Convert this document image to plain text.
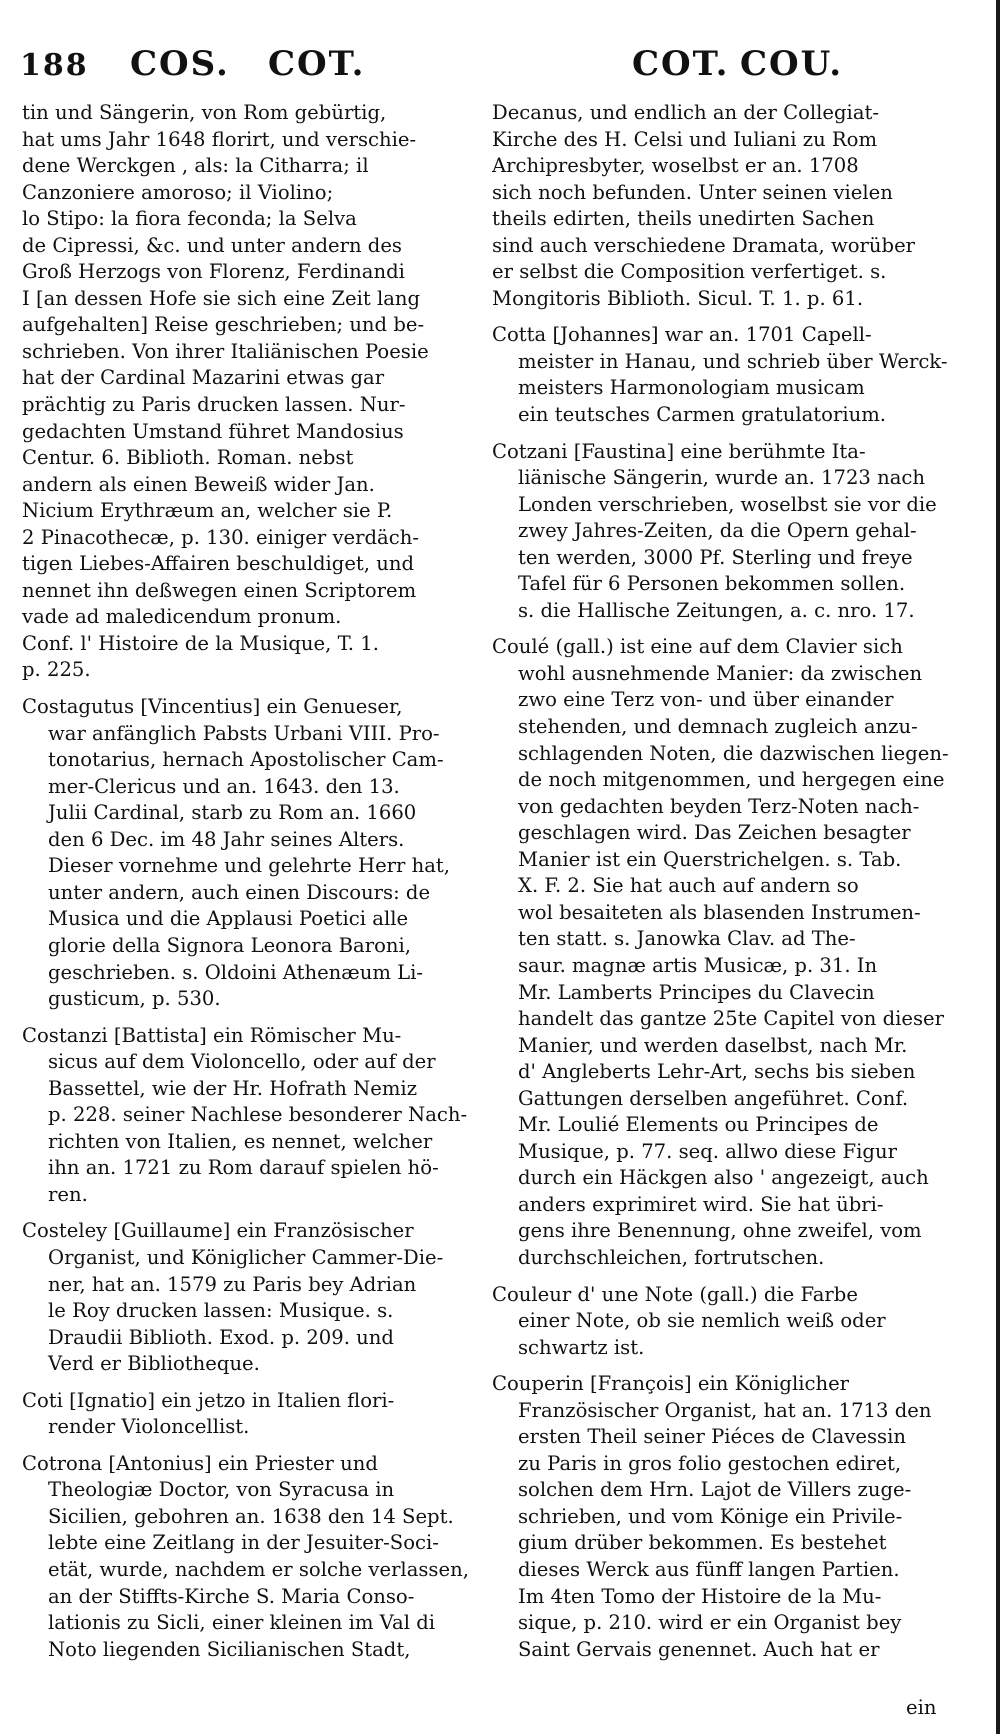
188 COS. COT.	COT. COU.
tin und Sängerin, von Rom gebürtig,
hat ums Jahr 1648 florirt, und verschie-
dene Werckgen , als: la Citharra; il
Canzoniere amoroso; il Violino;
lo Stipo: la fiora feconda; la Selva
de Cipressi, &c. und unter andern des
Groß Herzogs von Florenz, Ferdinandi
I [an dessen Hofe sie sich eine Zeit lang
aufgehalten] Reise geschrieben; und be-
schrieben. Von ihrer Italiänischen Poesie
hat der Cardinal Mazarini etwas gar
prächtig zu Paris drucken lassen. Nur-
gedachten Umstand führet Mandosius
Centur. 6. Biblioth. Roman. nebst
andern als einen Beweiß wider Jan.
Nicium Erythræum an, welcher sie P.
2 Pinacothecæ, p. 130. einiger verdäch-
tigen Liebes-Affairen beschuldiget, und
nennet ihn deßwegen einen Scriptorem
vade ad maledicendum pronum.
Conf. l' Histoire de la Musique, T. 1.
p. 225.
Costagutus [Vincentius] ein Genueser,
war anfänglich Pabsts Urbani VIII. Pro-
tonotarius, hernach Apostolischer Cam-
mer-Clericus und an. 1643. den 13.
Julii Cardinal, starb zu Rom an. 1660
den 6 Dec. im 48 Jahr seines Alters.
Dieser vornehme und gelehrte Herr hat,
unter andern, auch einen Discours: de
Musica und die Applausi Poetici alle
glorie della Signora Leonora Baroni,
geschrieben. s. Oldoini Athenæum Li-
gusticum, p. 530.
Costanzi [Battista] ein Römischer Mu-
sicus auf dem Violoncello, oder auf der
Bassettel, wie der Hr. Hofrath Nemiz
p. 228. seiner Nachlese besonderer Nach-
richten von Italien, es nennet, welcher
ihn an. 1721 zu Rom darauf spielen hö-
ren.
Costeley [Guillaume] ein Französischer
Organist, und Königlicher Cammer-Die-
ner, hat an. 1579 zu Paris bey Adrian
le Roy drucken lassen: Musique. s.
Draudii Biblioth. Exod. p. 209. und
Verd er Bibliotheque.
Coti [Ignatio] ein jetzo in Italien flori-
render Violoncellist.
Cotrona [Antonius] ein Priester und
Theologiæ Doctor, von Syracusa in
Sicilien, gebohren an. 1638 den 14 Sept.
lebte eine Zeitlang in der Jesuiter-Soci-
etät, wurde, nachdem er solche verlassen,
an der Stiffts-Kirche S. Maria Conso-
lationis zu Sicli, einer kleinen im Val di
Noto liegenden Sicilianischen Stadt,
Decanus, und endlich an der Collegiat-
Kirche des H. Celsi und Iuliani zu Rom
Archipresbyter, woselbst er an. 1708
sich noch befunden. Unter seinen vielen
theils edirten, theils unedirten Sachen
sind auch verschiedene Dramata, worüber
er selbst die Composition verfertiget. s.
Mongitoris Biblioth. Sicul. T. 1. p. 61.
Cotta [Johannes] war an. 1701 Capell-
meister in Hanau, und schrieb über Werck-
meisters Harmonologiam musicam
ein teutsches Carmen gratulatorium.
Cotzani [Faustina] eine berühmte Ita-
liänische Sängerin, wurde an. 1723 nach
Londen verschrieben, woselbst sie vor die
zwey Jahres-Zeiten, da die Opern gehal-
ten werden, 3000 Pf. Sterling und freye
Tafel für 6 Personen bekommen sollen.
s. die Hallische Zeitungen, a. c. nro. 17.
Coulé (gall.) ist eine auf dem Clavier sich
wohl ausnehmende Manier: da zwischen
zwo eine Terz von- und über einander
stehenden, und demnach zugleich anzu-
schlagenden Noten, die dazwischen liegen-
de noch mitgenommen, und hergegen eine
von gedachten beyden Terz-Noten nach-
geschlagen wird. Das Zeichen besagter
Manier ist ein Querstrichelgen. s. Tab.
X. F. 2. Sie hat auch auf andern so
wol besaiteten als blasenden Instrumen-
ten statt. s. Janowka Clav. ad The-
saur. magnæ artis Musicæ, p. 31. In
Mr. Lamberts Principes du Clavecin
handelt das gantze 25te Capitel von dieser
Manier, und werden daselbst, nach Mr.
d' Angleberts Lehr-Art, sechs bis sieben
Gattungen derselben angeführet. Conf.
Mr. Loulié Elements ou Principes de
Musique, p. 77. seq. allwo diese Figur
durch ein Häckgen also ' angezeigt, auch
anders exprimiret wird. Sie hat übri-
gens ihre Benennung, ohne zweifel, vom
durchschleichen, fortrutschen.
Couleur d' une Note (gall.) die Farbe
einer Note, ob sie nemlich weiß oder
schwartz ist.
Couperin [François] ein Königlicher
Französischer Organist, hat an. 1713 den
ersten Theil seiner Piéces de Clavessin
zu Paris in gros folio gestochen ediret,
solchen dem Hrn. Lajot de Villers zuge-
schrieben, und vom Könige ein Privile-
gium drüber bekommen. Es bestehet
dieses Werck aus fünff langen Partien.
Im 4ten Tomo der Histoire de la Mu-
sique, p. 210. wird er ein Organist bey
Saint Gervais genennet. Auch hat er
ein
